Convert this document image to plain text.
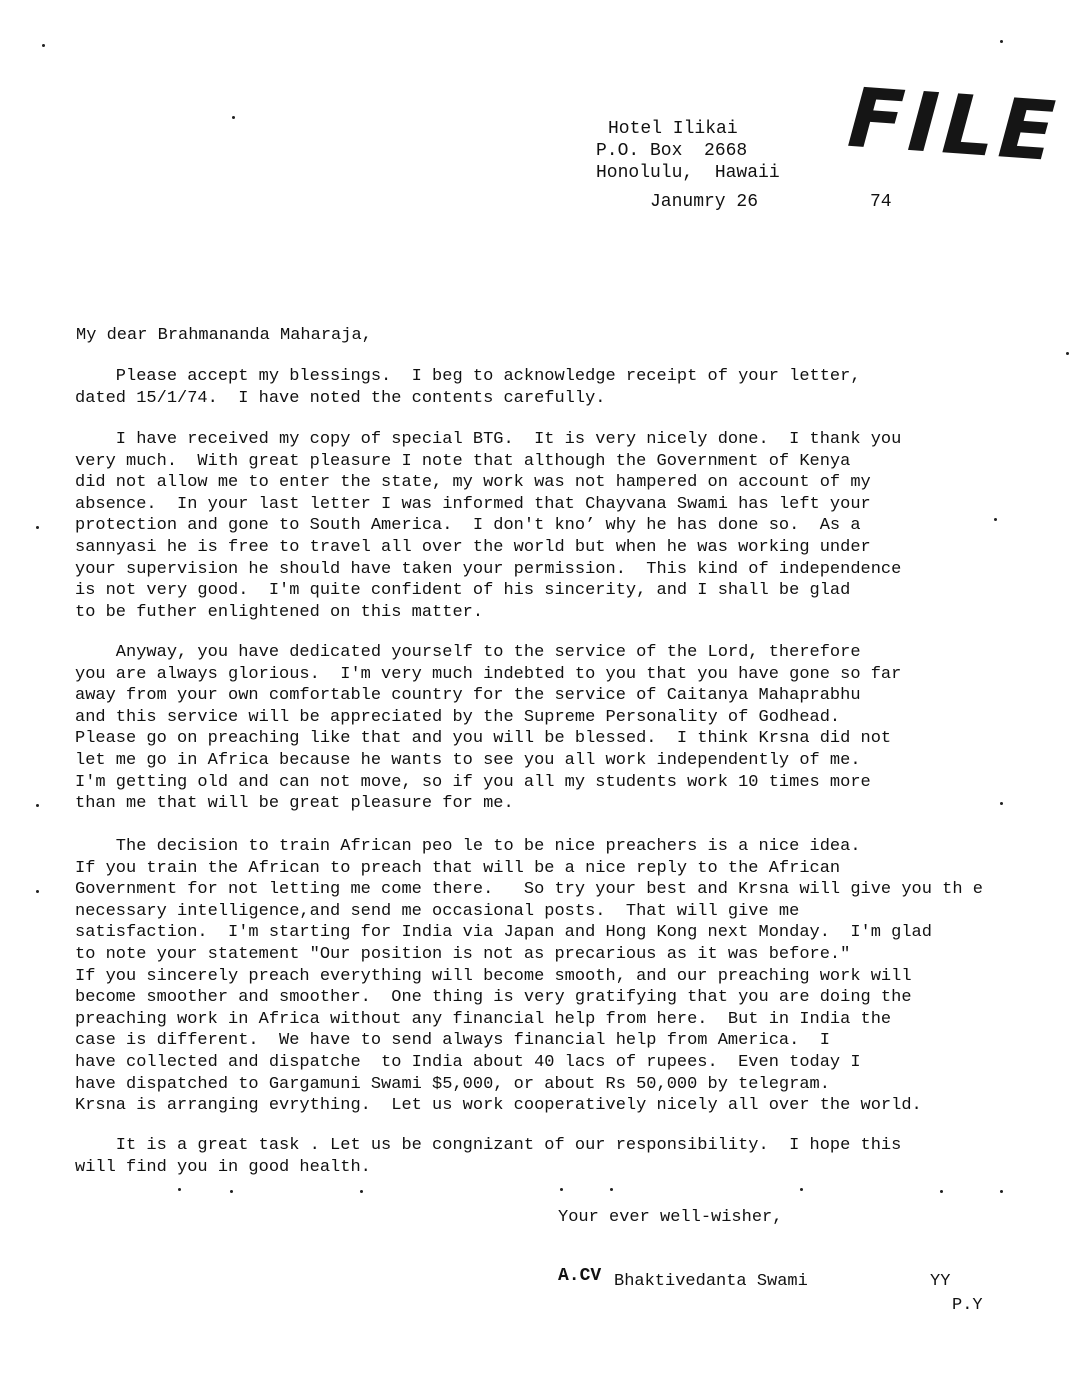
FILE
Hotel Ilikai
P.O. Box  2668
Honolulu,  Hawaii
Janumry 26	74
My dear Brahmananda Maharaja,
Please accept my blessings.  I beg to acknowledge receipt of your letter,
dated 15/1/74.  I have noted the contents carefully.
I have received my copy of special BTG.  It is very nicely done.  I thank you
very much.  With great pleasure I note that although the Government of Kenya
did not allow me to enter the state, my work was not hampered on account of my
absence.  In your last letter I was informed that Chayvana Swami has left your
protection and gone to South America.  I don't kno’ why he has done so.  As a
sannyasi he is free to travel all over the world but when he was working under
your supervision he should have taken your permission.  This kind of independence
is not very good.  I'm quite confident of his sincerity, and I shall be glad
to be futher enlightened on this matter.
Anyway, you have dedicated yourself to the service of the Lord, therefore
you are always glorious.  I'm very much indebted to you that you have gone so far
away from your own comfortable country for the service of Caitanya Mahaprabhu
and this service will be appreciated by the Supreme Personality of Godhead.
Please go on preaching like that and you will be blessed.  I think Krsna did not
let me go in Africa because he wants to see you all work independently of me.
I'm getting old and can not move, so if you all my students work 10 times more
than me that will be great pleasure for me.
The decision to train African peo le to be nice preachers is a nice idea.
If you train the African to preach that will be a nice reply to the African
Government for not letting me come there.   So try your best and Krsna will give you th e
necessary intelligence,and send me occasional posts.  That will give me
satisfaction.  I'm starting for India via Japan and Hong Kong next Monday.  I'm glad
to note your statement "Our position is not as precarious as it was before."
If you sincerely preach everything will become smooth, and our preaching work will
become smoother and smoother.  One thing is very gratifying that you are doing the
preaching work in Africa without any financial help from here.  But in India the
case is different.  We have to send always financial help from America.  I
have collected and dispatche  to India about 40 lacs of rupees.  Even today I
have dispatched to Gargamuni Swami $5,000, or about Rs 50,000 by telegram.
Krsna is arranging evrything.  Let us work cooperatively nicely all over the world.
It is a great task . Let us be congnizant of our responsibility.  I hope this
will find you in good health.
Your ever well-wisher,
A.CV Bhaktivedanta Swami	YY
P.Y
